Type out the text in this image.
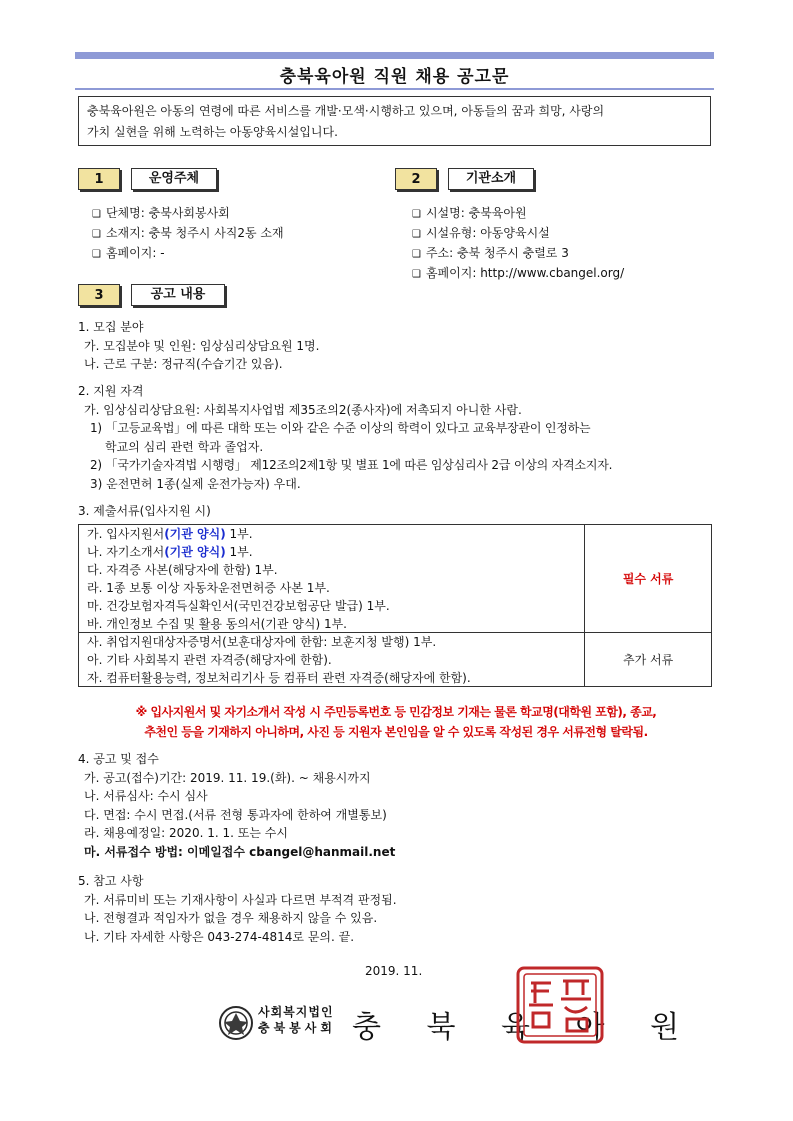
충북육아원 직원 채용 공고문
충북육아원은 아동의 연령에 따른 서비스를 개발·모색·시행하고 있으며, 아동들의 꿈과 희망, 사랑의
가치 실현을 위해 노력하는 아동양육시설입니다.
1	운영주체
❑ 단체명: 충북사회봉사회
❑ 소재지: 충북 청주시 사직2동 소재
❑ 홈페이지: -
2	기관소개
❑ 시설명: 충북육아원
❑ 시설유형: 아동양육시설
❑ 주소: 충북 청주시 충렬로 3
❑ 홈페이지: http://www.cbangel.org/
3	공고 내용
1. 모집 분야
가. 모집분야 및 인원: 임상심리상담요원 1명.
나. 근로 구분: 정규직(수습기간 있음).
2. 지원 자격
가. 임상심리상담요원: 사회복지사업법 제35조의2(종사자)에 저촉되지 아니한 사람.
1) 「고등교육법」에 따른 대학 또는 이와 같은 수준 이상의 학력이 있다고 교육부장관이 인정하는
학교의 심리 관련 학과 졸업자.
2) 「국가기술자격법 시행령」 제12조의2제1항 및 별표 1에 따른 임상심리사 2급 이상의 자격소지자.
3) 운전면허 1종(실제 운전가능자) 우대.
3. 제출서류(입사지원 시)
가. 입사지원서(기관 양식) 1부.	필수 서류
나. 자기소개서(기관 양식) 1부.	
다. 자격증 사본(해당자에 한함) 1부.	
라. 1종 보통 이상 자동차운전면허증 사본 1부.	
마. 건강보험자격득실확인서(국민건강보험공단 발급) 1부.	
바. 개인정보 수집 및 활용 동의서(기관 양식) 1부.	
사. 취업지원대상자증명서(보훈대상자에 한함: 보훈지청 발행) 1부.	추가 서류
아. 기타 사회복지 관련 자격증(해당자에 한함).	
자. 컴퓨터활용능력, 정보처리기사 등 컴퓨터 관련 자격증(해당자에 한함).	
※ 입사지원서 및 자기소개서 작성 시 주민등록번호 등 민감정보 기재는 물론 학교명(대학원 포함), 종교,
추천인 등을 기재하지 아니하며, 사진 등 지원자 본인임을 알 수 있도록 작성된 경우 서류전형 탈락됨.
4. 공고 및 접수
가. 공고(접수)기간: 2019. 11. 19.(화). ~ 채용시까지
나. 서류심사: 수시 심사
다. 면접: 수시 면접.(서류 전형 통과자에 한하여 개별통보)
라. 채용예정일: 2020. 1. 1. 또는 수시
마. 서류접수 방법: 이메일접수 cbangel@hanmail.net
5. 참고 사항
가. 서류미비 또는 기재사항이 사실과 다르면 부적격 판정됨.
나. 전형결과 적임자가 없을 경우 채용하지 않을 수 있음.
나. 기타 자세한 사항은 043-274-4814로 문의. 끝.
2019. 11.
사회복지법인
충북봉사회 충 북 육 아 원
